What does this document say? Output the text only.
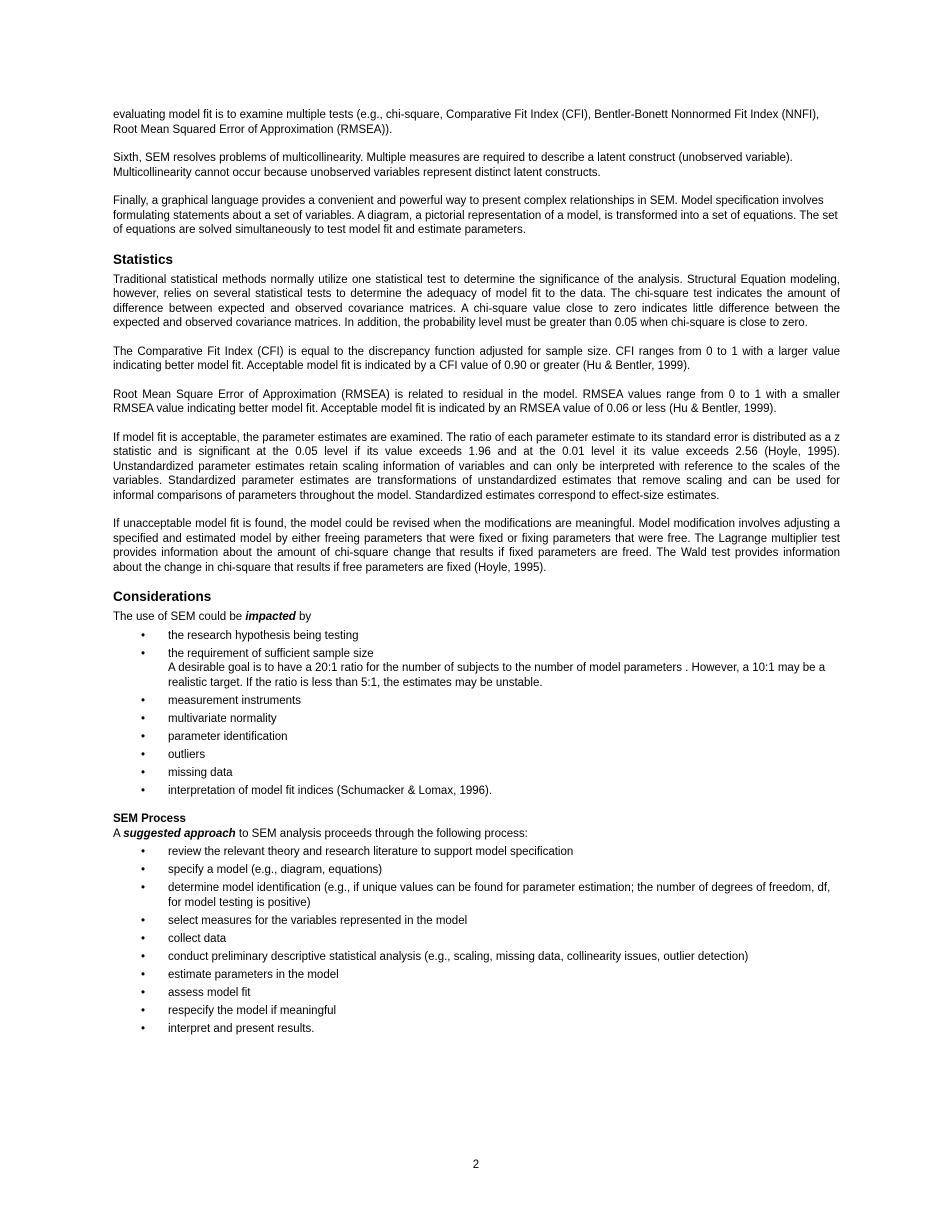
evaluating model fit is to examine multiple tests (e.g., chi-square, Comparative Fit Index (CFI), Bentler-Bonett Nonnormed Fit Index (NNFI), Root Mean Squared Error of Approximation (RMSEA)).

Sixth, SEM resolves problems of multicollinearity. Multiple measures are required to describe a latent construct (unobserved variable). Multicollinearity cannot occur because unobserved variables represent distinct latent constructs.

Finally, a graphical language provides a convenient and powerful way to present complex relationships in SEM. Model specification involves formulating statements about a set of variables. A diagram, a pictorial representation of a model, is transformed into a set of equations. The set of equations are solved simultaneously to test model fit and estimate parameters.

Statistics

Traditional statistical methods normally utilize one statistical test to determine the significance of the analysis. Structural Equation modeling, however, relies on several statistical tests to determine the adequacy of model fit to the data. The chi-square test indicates the amount of difference between expected and observed covariance matrices. A chi-square value close to zero indicates little difference between the expected and observed covariance matrices. In addition, the probability level must be greater than 0.05 when chi-square is close to zero.

The Comparative Fit Index (CFI) is equal to the discrepancy function adjusted for sample size. CFI ranges from 0 to 1 with a larger value indicating better model fit. Acceptable model fit is indicated by a CFI value of 0.90 or greater (Hu & Bentler, 1999).

Root Mean Square Error of Approximation (RMSEA) is related to residual in the model. RMSEA values range from 0 to 1 with a smaller RMSEA value indicating better model fit. Acceptable model fit is indicated by an RMSEA value of 0.06 or less (Hu & Bentler, 1999).

If model fit is acceptable, the parameter estimates are examined. The ratio of each parameter estimate to its standard error is distributed as a z statistic and is significant at the 0.05 level if its value exceeds 1.96 and at the 0.01 level it its value exceeds 2.56 (Hoyle, 1995). Unstandardized parameter estimates retain scaling information of variables and can only be interpreted with reference to the scales of the variables. Standardized parameter estimates are transformations of unstandardized estimates that remove scaling and can be used for informal comparisons of parameters throughout the model. Standardized estimates correspond to effect-size estimates.

If unacceptable model fit is found, the model could be revised when the modifications are meaningful. Model modification involves adjusting a specified and estimated model by either freeing parameters that were fixed or fixing parameters that were free. The Lagrange multiplier test provides information about the amount of chi-square change that results if fixed parameters are freed. The Wald test provides information about the change in chi-square that results if free parameters are fixed (Hoyle, 1995).

Considerations

The use of SEM could be impacted by

•	the research hypothesis being testing
•	the requirement of sufficient sample size
A desirable goal is to have a 20:1 ratio for the number of subjects to the number of model parameters . However, a 10:1 may be a realistic target. If the ratio is less than 5:1, the estimates may be unstable.
•	measurement instruments
•	multivariate normality
•	parameter identification
•	outliers
•	missing data
•	interpretation of model fit indices (Schumacker & Lomax, 1996).
SEM Process

A suggested approach to SEM analysis proceeds through the following process:

•	review the relevant theory and research literature to support model specification
•	specify a model (e.g., diagram, equations)
•	determine model identification (e.g., if unique values can be found for parameter estimation; the number of degrees of freedom, df, for model testing is positive)
•	select measures for the variables represented in the model
•	collect data
•	conduct preliminary descriptive statistical analysis (e.g., scaling, missing data, collinearity issues, outlier detection)
•	estimate parameters in the model
•	assess model fit
•	respecify the model if meaningful
•	interpret and present results.
2
